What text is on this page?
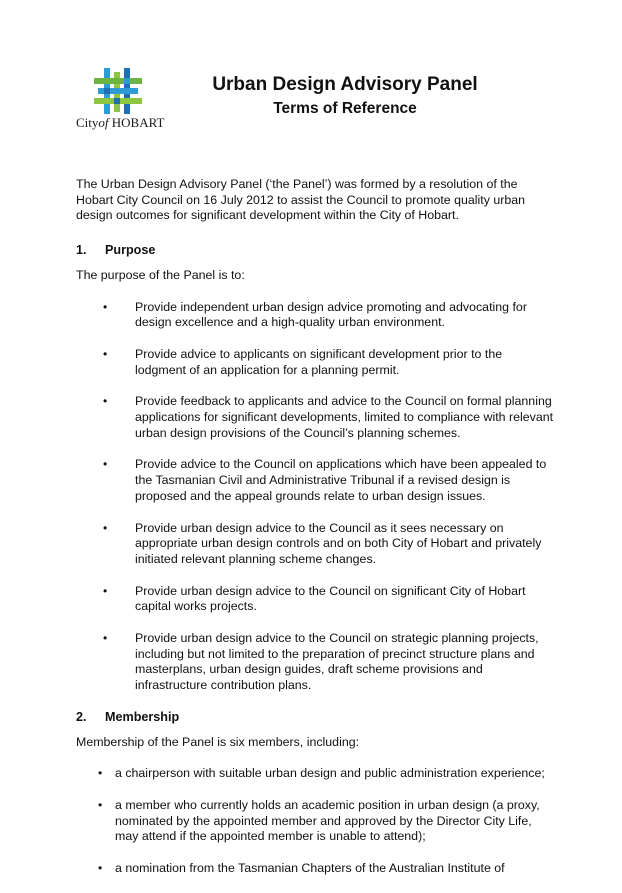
Cityof HOBART
Urban Design Advisory Panel
Terms of Reference

The Urban Design Advisory Panel (‘the Panel’) was formed by a resolution of the Hobart City Council on 16 July 2012 to assist the Council to promote quality urban design outcomes for significant development within the City of Hobart.

1.	Purpose

The purpose of the Panel is to:

• Provide independent urban design advice promoting and advocating for design excellence and a high-quality urban environment.
• Provide advice to applicants on significant development prior to the lodgment of an application for a planning permit.
• Provide feedback to applicants and advice to the Council on formal planning applications for significant developments, limited to compliance with relevant urban design provisions of the Council’s planning schemes.
• Provide advice to the Council on applications which have been appealed to the Tasmanian Civil and Administrative Tribunal if a revised design is proposed and the appeal grounds relate to urban design issues.
• Provide urban design advice to the Council as it sees necessary on appropriate urban design controls and on both City of Hobart and privately initiated relevant planning scheme changes.
• Provide urban design advice to the Council on significant City of Hobart capital works projects.
• Provide urban design advice to the Council on strategic planning projects, including but not limited to the preparation of precinct structure plans and masterplans, urban design guides, draft scheme provisions and infrastructure contribution plans.
2.	Membership

Membership of the Panel is six members, including:

• a chairperson with suitable urban design and public administration experience;
• a member who currently holds an academic position in urban design (a proxy, nominated by the appointed member and approved by the Director City Life, may attend if the appointed member is unable to attend);
• a nomination from the Tasmanian Chapters of the Australian Institute of
